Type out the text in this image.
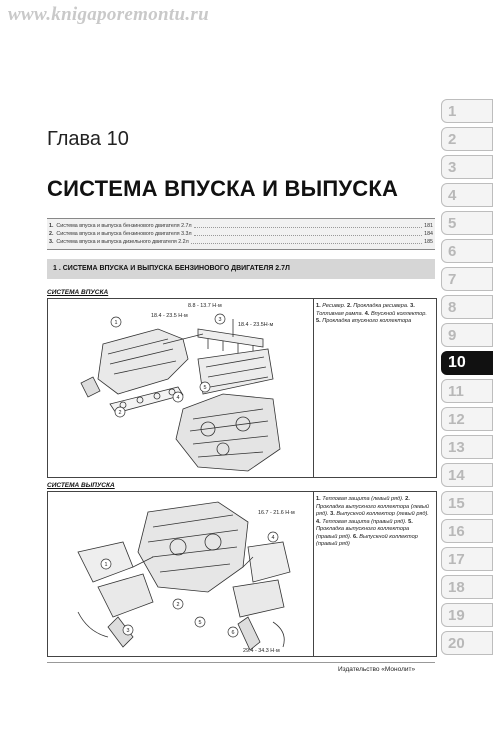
www.knigaporemontu.ru
Глава 10
СИСТЕМА ВПУСКА И ВЫПУСКА
1. Система впуска и выпуска бензинового двигателя 2.7л	181
2. Система впуска и выпуска бензинового двигателя 3.3л	184
3. Система впуска и выпуска дизельного двигателя 2.2л	185
1 . СИСТЕМА ВПУСКА И ВЫПУСКА БЕНЗИНОВОГО ДВИГАТЕЛЯ 2.7Л
СИСТЕМА ВПУСКА
1
2
3
4
5
8.8 - 13.7 Н·м
18.4 - 23.5 Н·м
18.4 - 23.5Н·м
1. Ресивер. 2. Прокладка ресивера. 3. Топливная рампа. 4. Впускной коллектор. 5. Прокладка впускного коллектора
СИСТЕМА ВЫПУСКА
1
2
3
4
5
6
16.7 - 21.6 Н·м
29.4 - 34.3 Н·м
1. Тепловая защита (левый ряд). 2. Прокладка выпускного коллектора (левый ряд). 3. Выпускной коллектор (левый ряд). 4. Тепловая защита (правый ряд). 5. Прокладка выпускного коллектора (правый ряд). 6. Выпускной коллектор (правый ряд)
Издательство «Монолит»
1
2
3
4
5
6
7
8
9
10
11
12
13
14
15
16
17
18
19
20
